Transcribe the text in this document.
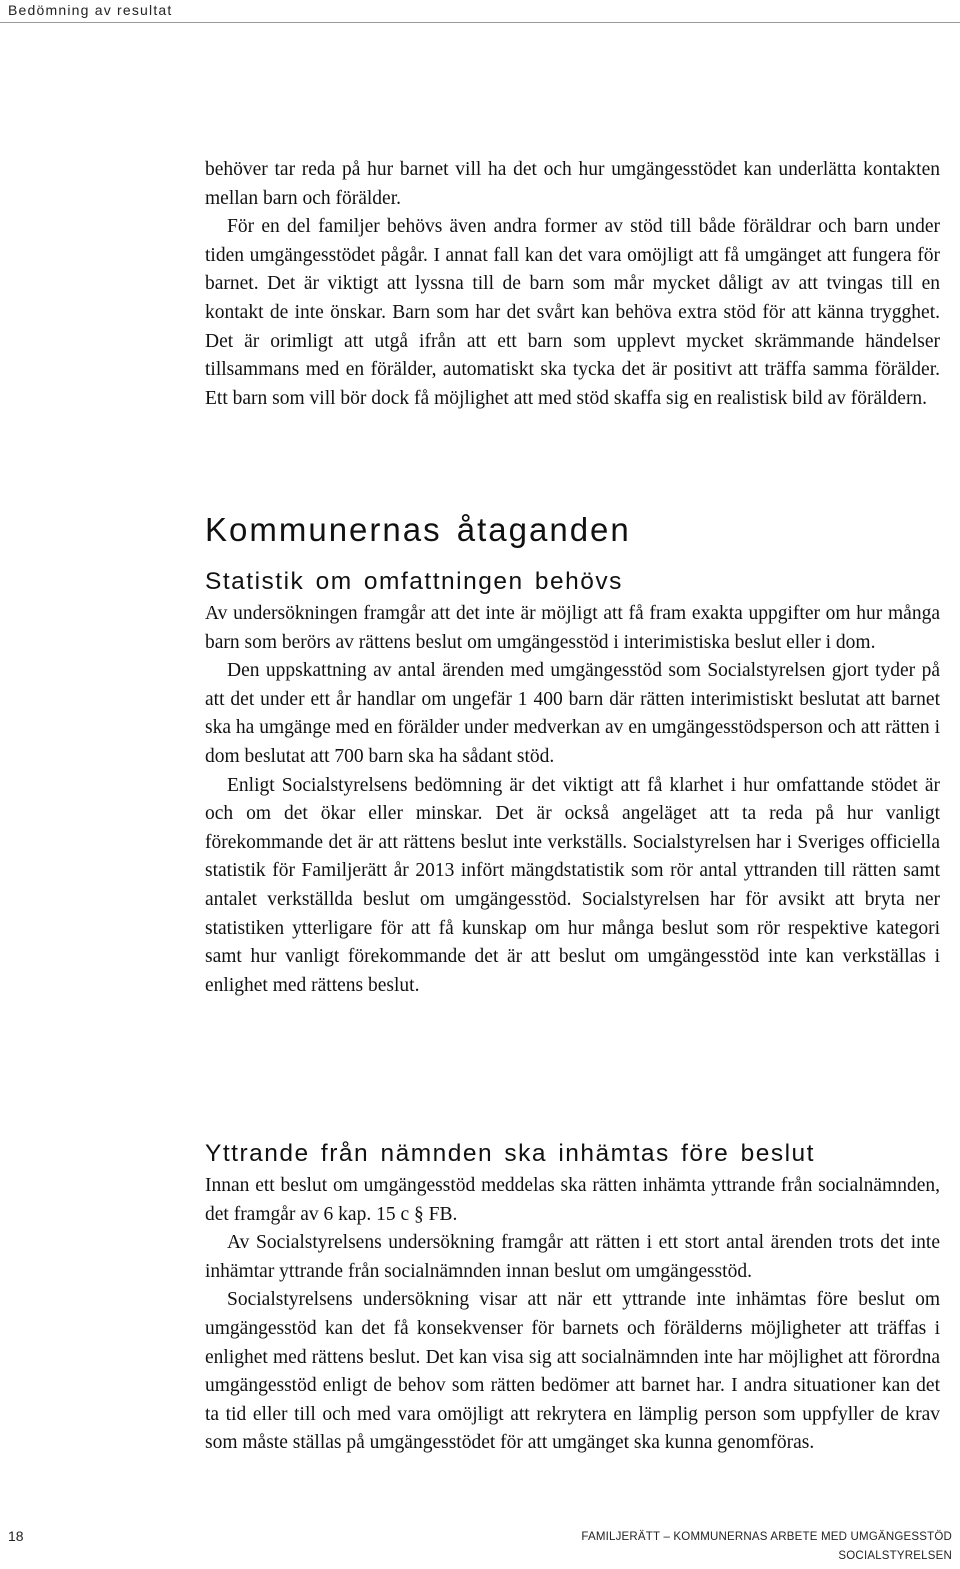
Bedömning av resultat

behöver tar reda på hur barnet vill ha det och hur umgängesstödet kan underlätta kontakten mellan barn och förälder.

För en del familjer behövs även andra former av stöd till både föräldrar och barn under tiden umgängesstödet pågår. I annat fall kan det vara omöjligt att få umgänget att fungera för barnet. Det är viktigt att lyssna till de barn som mår mycket dåligt av att tvingas till en kontakt de inte önskar. Barn som har det svårt kan behöva extra stöd för att känna trygghet. Det är orimligt att utgå ifrån att ett barn som upplevt mycket skrämmande händelser tillsammans med en förälder, automatiskt ska tycka det är positivt att träffa samma förälder. Ett barn som vill bör dock få möjlighet att med stöd skaffa sig en realistisk bild av föräldern.

Kommunernas åtaganden
Statistik om omfattningen behövs

Av undersökningen framgår att det inte är möjligt att få fram exakta uppgifter om hur många barn som berörs av rättens beslut om umgängesstöd i interimistiska beslut eller i dom.

Den uppskattning av antal ärenden med umgängesstöd som Socialstyrelsen gjort tyder på att det under ett år handlar om ungefär 1 400 barn där rätten interimistiskt beslutat att barnet ska ha umgänge med en förälder under medverkan av en umgängesstödsperson och att rätten i dom beslutat att 700 barn ska ha sådant stöd.

Enligt Socialstyrelsens bedömning är det viktigt att få klarhet i hur omfattande stödet är och om det ökar eller minskar. Det är också angeläget att ta reda på hur vanligt förekommande det är att rättens beslut inte verkställs. Socialstyrelsen har i Sveriges officiella statistik för Familjerätt år 2013 infört mängdstatistik som rör antal yttranden till rätten samt antalet verkställda beslut om umgängesstöd. Socialstyrelsen har för avsikt att bryta ner statistiken ytterligare för att få kunskap om hur många beslut som rör respektive kategori samt hur vanligt förekommande det är att beslut om umgängesstöd inte kan verkställas i enlighet med rättens beslut.

Yttrande från nämnden ska inhämtas före beslut

Innan ett beslut om umgängesstöd meddelas ska rätten inhämta yttrande från socialnämnden, det framgår av 6 kap. 15 c § FB.

Av Socialstyrelsens undersökning framgår att rätten i ett stort antal ärenden trots det inte inhämtar yttrande från socialnämnden innan beslut om umgängesstöd.

Socialstyrelsens undersökning visar att när ett yttrande inte inhämtas före beslut om umgängesstöd kan det få konsekvenser för barnets och förälderns möjligheter att träffas i enlighet med rättens beslut. Det kan visa sig att socialnämnden inte har möjlighet att förordna umgängesstöd enligt de behov som rätten bedömer att barnet har. I andra situationer kan det ta tid eller till och med vara omöjligt att rekrytera en lämplig person som uppfyller de krav som måste ställas på umgängesstödet för att umgänget ska kunna genomföras.

18	FAMILJERÄTT – KOMMUNERNAS ARBETE MED UMGÄNGESSTÖD
SOCIALSTYRELSEN
